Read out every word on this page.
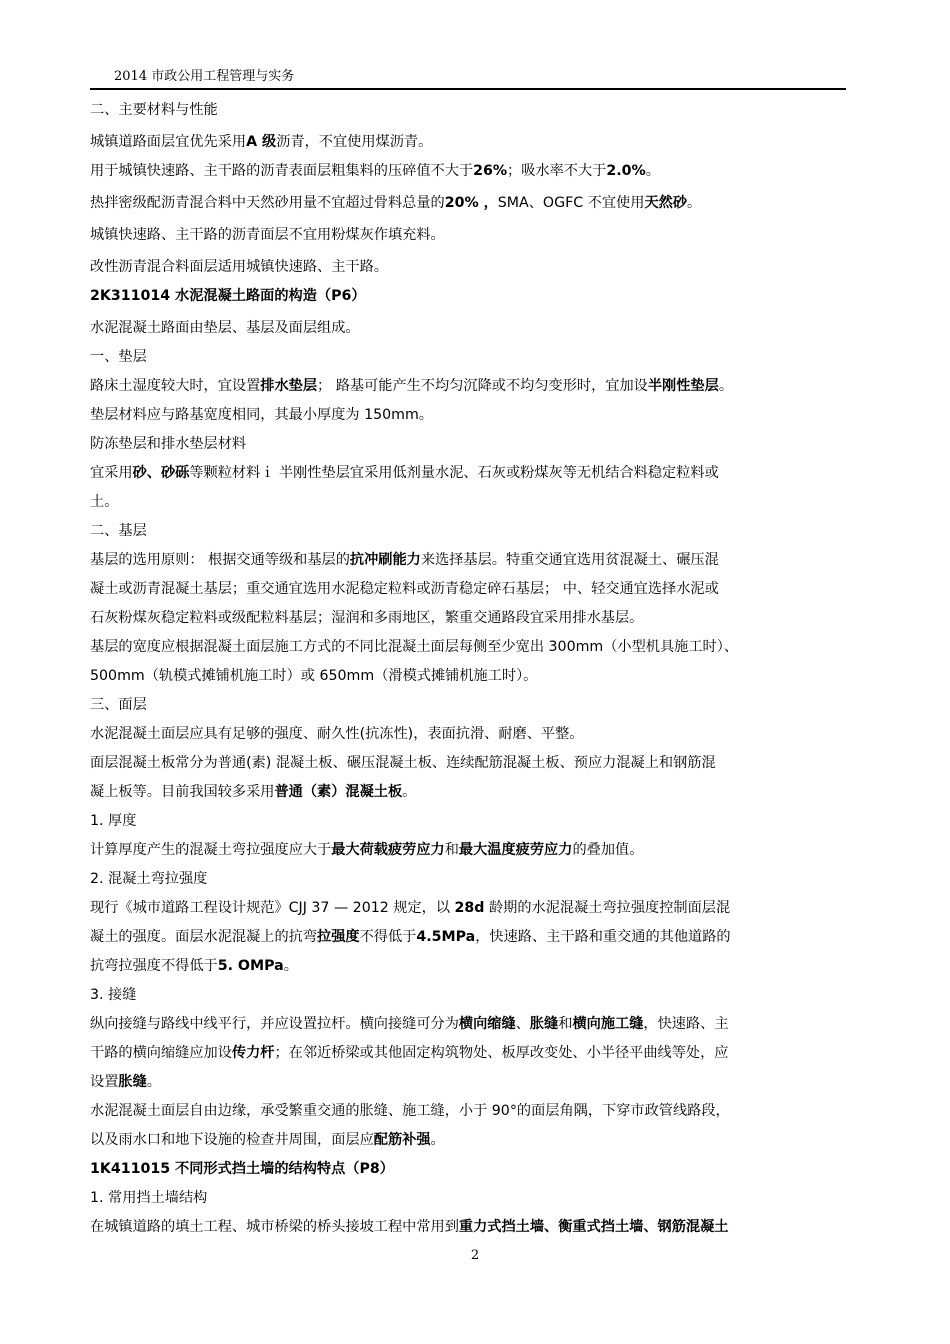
2014 市政公用工程管理与实务
二、主要材料与性能
城镇道路面层宜优先采用A 级沥青，不宜使用煤沥青。
用于城镇快速路、主干路的沥青表面层粗集料的压碎值不大于26%；吸水率不大于2.0%。
热拌密级配沥青混合料中天然砂用量不宜超过骨料总量的20% ，SMA、OGFC 不宜使用天然砂。
城镇快速路、主干路的沥青面层不宜用粉煤灰作填充料。
改性沥青混合料面层适用城镇快速路、主干路。
2K311014 水泥混凝土路面的构造（P6）
水泥混凝土路面由垫层、基层及面层组成。
一、垫层
路床土湿度较大时，宜设置排水垫层； 路基可能产生不均匀沉降或不均匀变形时，宜加设半刚性垫层。
垫层材料应与路基宽度相同，其最小厚度为 150mm。
防冻垫层和排水垫层材料
宜采用砂、砂砾等颗粒材料ｉ 半刚性垫层宜采用低剂量水泥、石灰或粉煤灰等无机结合料稳定粒料或
土。
二、基层
基层的选用原则： 根据交通等级和基层的抗冲刷能力来选择基层。特重交通宜选用贫混凝土、碾压混
凝土或沥青混凝土基层；重交通宜选用水泥稳定粒料或沥青稳定碎石基层； 中、轻交通宜选择水泥或
石灰粉煤灰稳定粒料或级配粒料基层；湿润和多雨地区，繁重交通路段宜采用排水基层。
基层的宽度应根据混凝土面层施工方式的不同比混凝土面层每侧至少宽出 300mm（小型机具施工时）、
500mm（轨模式摊铺机施工时）或 650mm（滑模式摊铺机施工时）。
三、面层
水泥混凝土面层应具有足够的强度、耐久性(抗冻性)，表面抗滑、耐磨、平整。
面层混凝土板常分为普通(素) 混凝土板、碾压混凝土板、连续配筋混凝土板、预应力混凝上和钢筋混
凝上板等。目前我国较多采用普通（素）混凝土板。
1. 厚度
计算厚度产生的混凝土弯拉强度应大于最大荷载疲劳应力和最大温度疲劳应力的叠加值。
2. 混凝土弯拉强度
现行《城市道路工程设计规范》CJJ 37 — 2012 规定，以 28d 龄期的水泥混凝土弯拉强度控制面层混
凝土的强度。面层水泥混凝上的抗弯拉强度不得低于4.5MPa，快速路、主干路和重交通的其他道路的
抗弯拉强度不得低于5. OMPa。
3. 接缝
纵向接缝与路线中线平行，并应设置拉杆。横向接缝可分为横向缩缝、胀缝和横向施工缝，快速路、主
干路的横向缩缝应加设传力杆；在邻近桥梁或其他固定构筑物处、板厚改变处、小半径平曲线等处，应
设置胀缝。
水泥混凝土面层自由边缘，承受繁重交通的胀缝、施工缝，小于 90°的面层角隅，下穿市政管线路段，
以及雨水口和地下设施的检查井周围，面层应配筋补强。
1K411015 不同形式挡土墙的结构特点（P8）
1. 常用挡土墙结构
在城镇道路的填土工程、城市桥梁的桥头接坡工程中常用到重力式挡土墙、衡重式挡土墙、钢筋混凝土
2
